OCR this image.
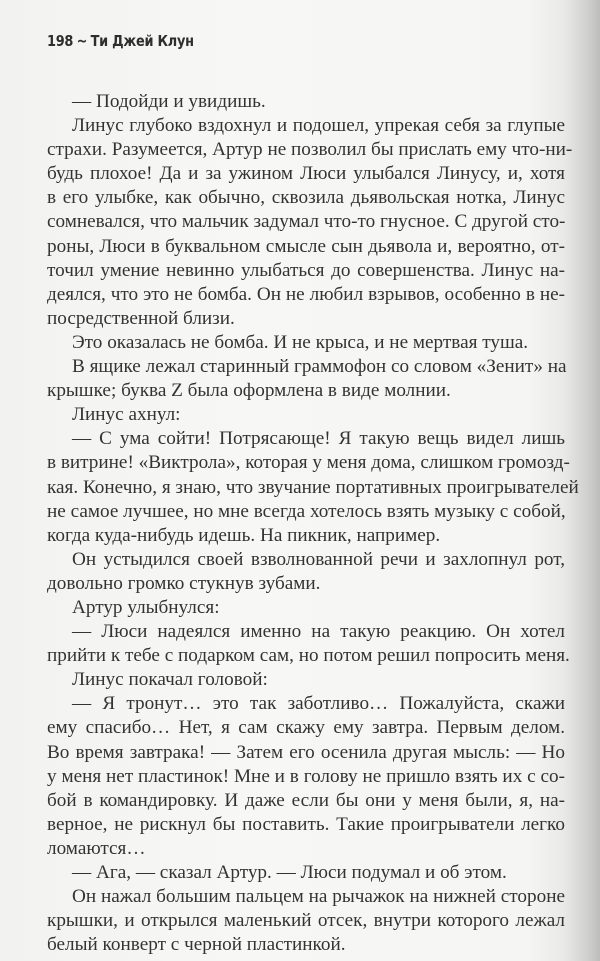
198 ~ Ти Джей Клун
— Подойди и увидишь.
Линус глубоко вздохнул и подошел, упрекая себя за глупые
страхи. Разумеется, Артур не позволил бы прислать ему что-ни-
будь плохое! Да и за ужином Люси улыбался Линусу, и, хотя
в его улыбке, как обычно, сквозила дьявольская нотка, Линус
сомневался, что мальчик задумал что-то гнусное. С другой сто-
роны, Люси в буквальном смысле сын дьявола и, вероятно, от-
точил умение невинно улыбаться до совершенства. Линус на-
деялся, что это не бомба. Он не любил взрывов, особенно в не-
посредственной близи.
Это оказалась не бомба. И не крыса, и не мертвая туша.
В ящике лежал старинный граммофон со словом «Зенит» на
крышке; буква Z была оформлена в виде молнии.
Линус ахнул:
— С ума сойти! Потрясающе! Я такую вещь видел лишь
в витрине! «Виктрола», которая у меня дома, слишком громозд-
кая. Конечно, я знаю, что звучание портативных проигрывателей
не самое лучшее, но мне всегда хотелось взять музыку с собой,
когда куда-нибудь идешь. На пикник, например.
Он устыдился своей взволнованной речи и захлопнул рот,
довольно громко стукнув зубами.
Артур улыбнулся:
— Люси надеялся именно на такую реакцию. Он хотел
прийти к тебе с подарком сам, но потом решил попросить меня.
Линус покачал головой:
— Я тронут… это так заботливо… Пожалуйста, скажи
ему спасибо… Нет, я сам скажу ему завтра. Первым делом.
Во время завтрака! — Затем его осенила другая мысль: — Но
у меня нет пластинок! Мне и в голову не пришло взять их с со-
бой в командировку. И даже если бы они у меня были, я, на-
верное, не рискнул бы поставить. Такие проигрыватели легко
ломаются…
— Ага, — сказал Артур. — Люси подумал и об этом.
Он нажал большим пальцем на рычажок на нижней стороне
крышки, и открылся маленький отсек, внутри которого лежал
белый конверт с черной пластинкой.
